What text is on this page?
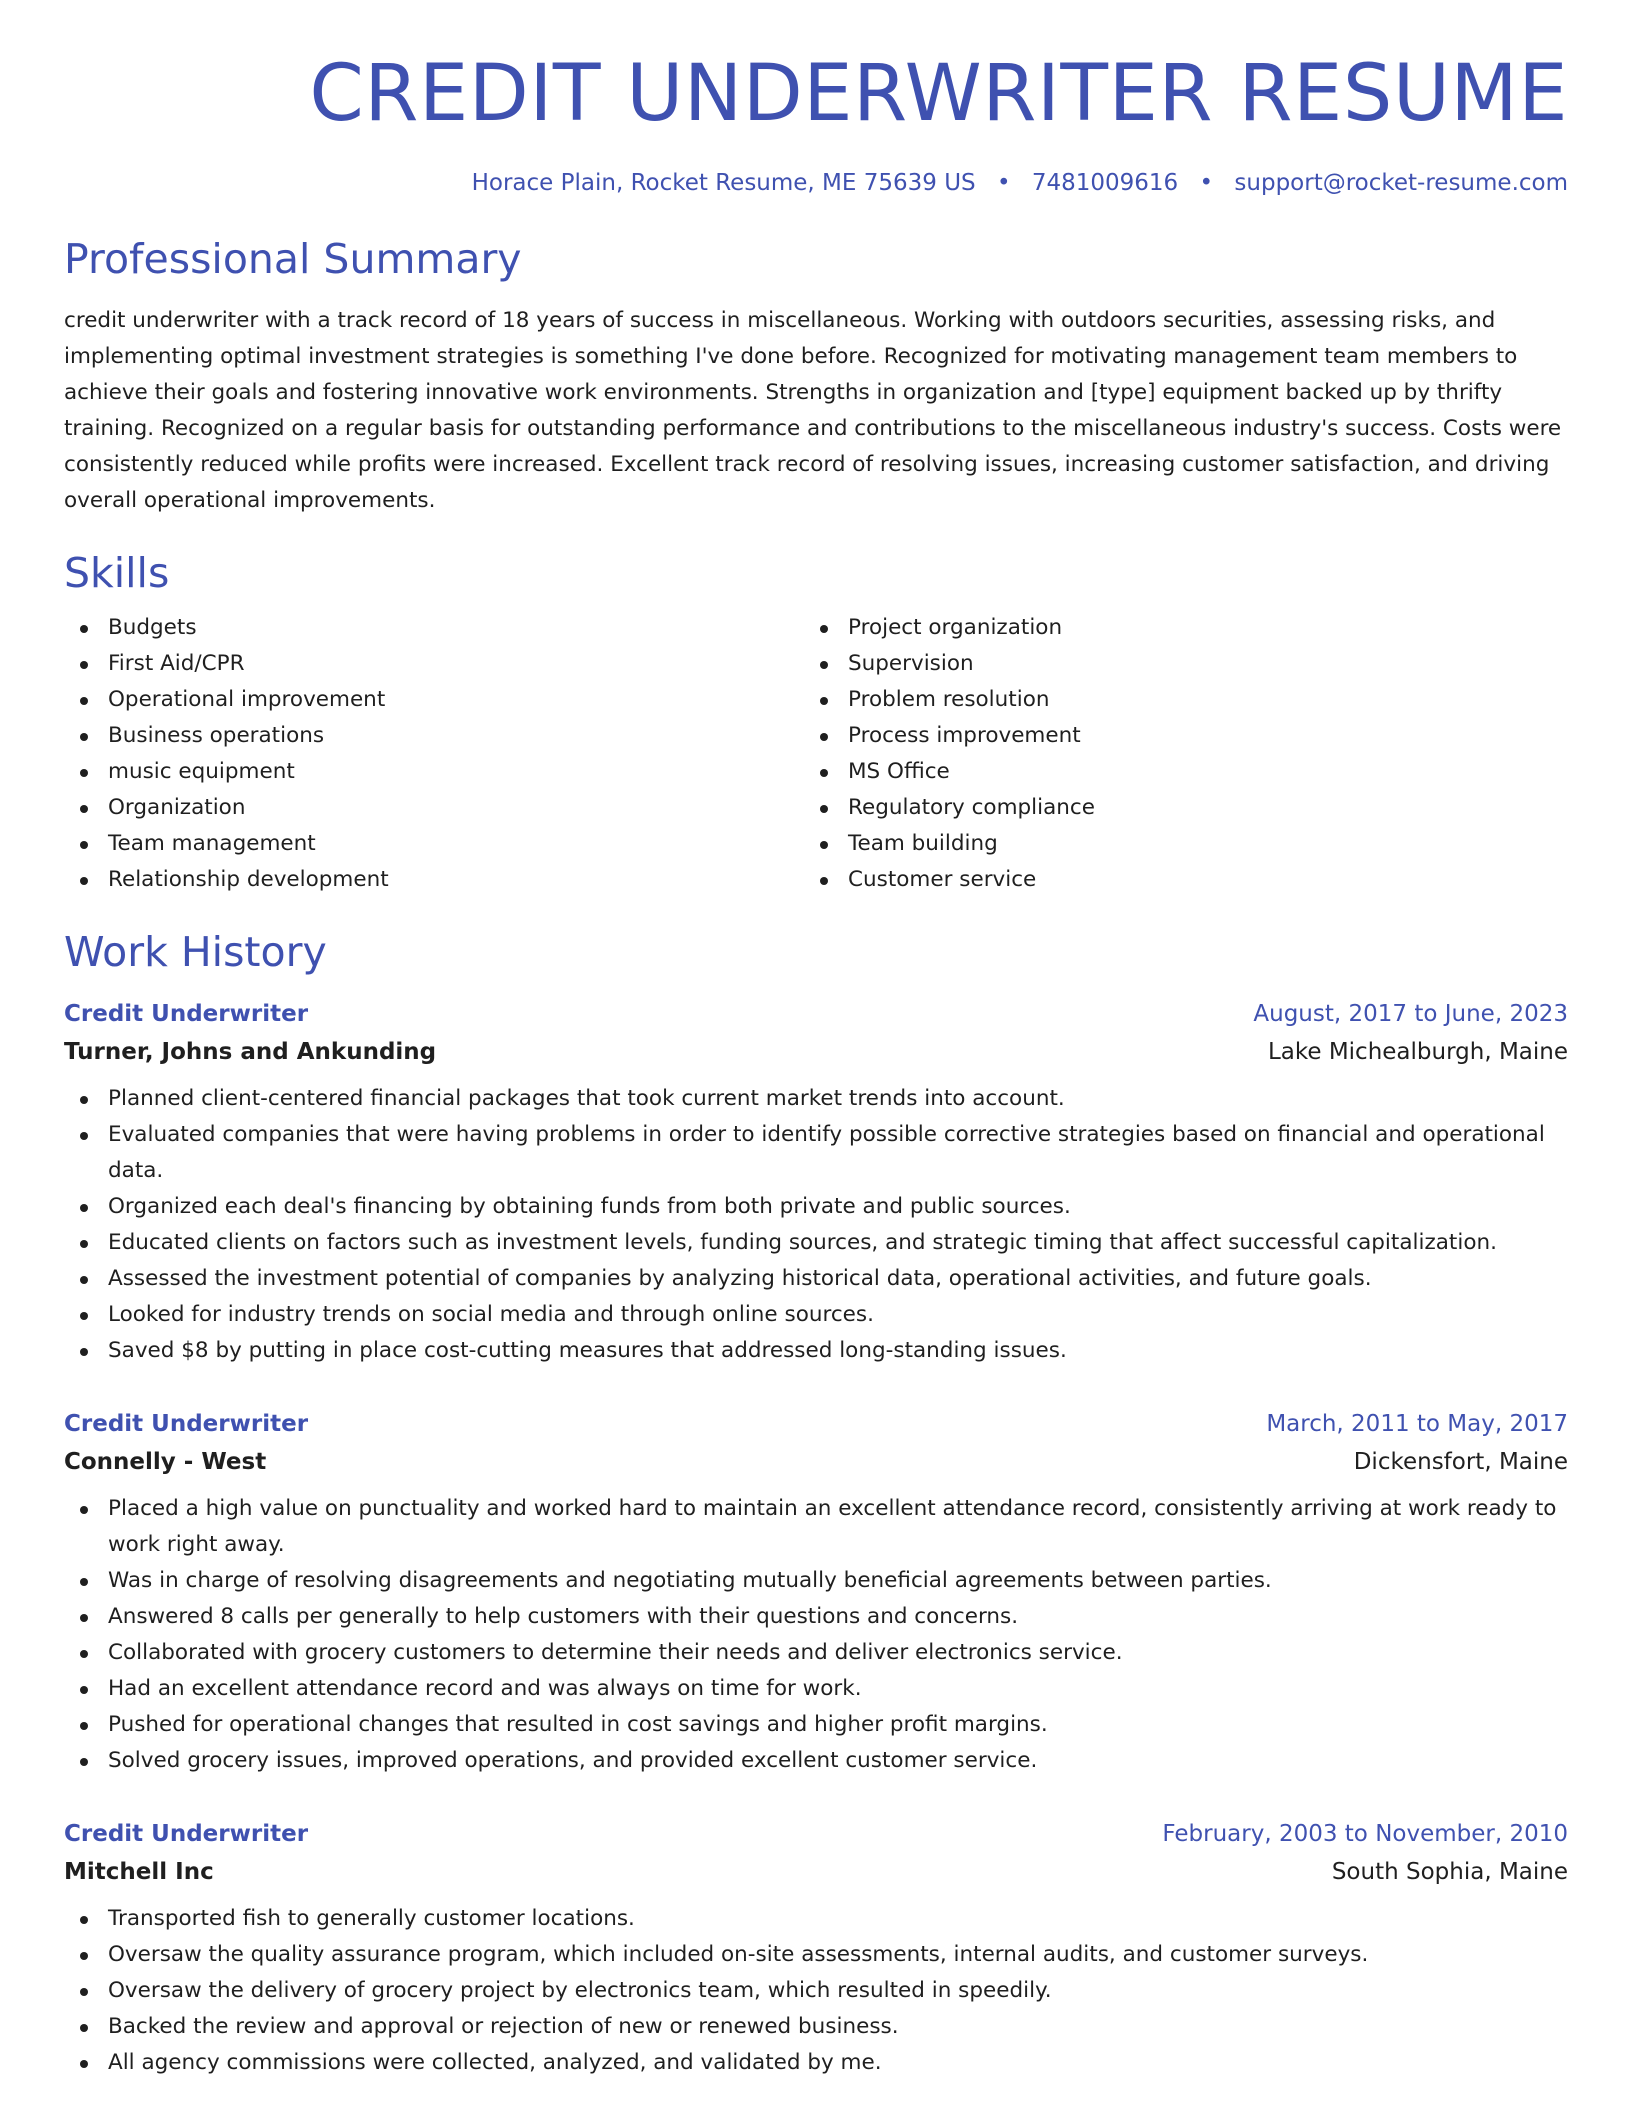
CREDIT UNDERWRITER RESUME
Horace Plain, Rocket Resume, ME 75639 US • 7481009616 • support@rocket-resume.com
Professional Summary
credit underwriter with a track record of 18 years of success in miscellaneous. Working with outdoors securities, assessing risks, and implementing optimal investment strategies is something I've done before. Recognized for motivating management team members to achieve their goals and fostering innovative work environments. Strengths in organization and [type] equipment backed up by thrifty training. Recognized on a regular basis for outstanding performance and contributions to the miscellaneous industry's success. Costs were consistently reduced while profits were increased. Excellent track record of resolving issues, increasing customer satisfaction, and driving overall operational improvements.
Skills
Budgets
First Aid/CPR
Operational improvement
Business operations
music equipment
Organization
Team management
Relationship development
Project organization
Supervision
Problem resolution
Process improvement
MS Office
Regulatory compliance
Team building
Customer service
Work History
Credit Underwriter	August, 2017 to June, 2023
Turner, Johns and Ankunding	Lake Michealburgh, Maine
Planned client-centered financial packages that took current market trends into account.
Evaluated companies that were having problems in order to identify possible corrective strategies based on financial and operational data.
Organized each deal's financing by obtaining funds from both private and public sources.
Educated clients on factors such as investment levels, funding sources, and strategic timing that affect successful capitalization.
Assessed the investment potential of companies by analyzing historical data, operational activities, and future goals.
Looked for industry trends on social media and through online sources.
Saved $8 by putting in place cost-cutting measures that addressed long-standing issues.
Credit Underwriter	March, 2011 to May, 2017
Connelly - West	Dickensfort, Maine
Placed a high value on punctuality and worked hard to maintain an excellent attendance record, consistently arriving at work ready to work right away.
Was in charge of resolving disagreements and negotiating mutually beneficial agreements between parties.
Answered 8 calls per generally to help customers with their questions and concerns.
Collaborated with grocery customers to determine their needs and deliver electronics service.
Had an excellent attendance record and was always on time for work.
Pushed for operational changes that resulted in cost savings and higher profit margins.
Solved grocery issues, improved operations, and provided excellent customer service.
Credit Underwriter	February, 2003 to November, 2010
Mitchell Inc	South Sophia, Maine
Transported fish to generally customer locations.
Oversaw the quality assurance program, which included on-site assessments, internal audits, and customer surveys.
Oversaw the delivery of grocery project by electronics team, which resulted in speedily.
Backed the review and approval or rejection of new or renewed business.
All agency commissions were collected, analyzed, and validated by me.
